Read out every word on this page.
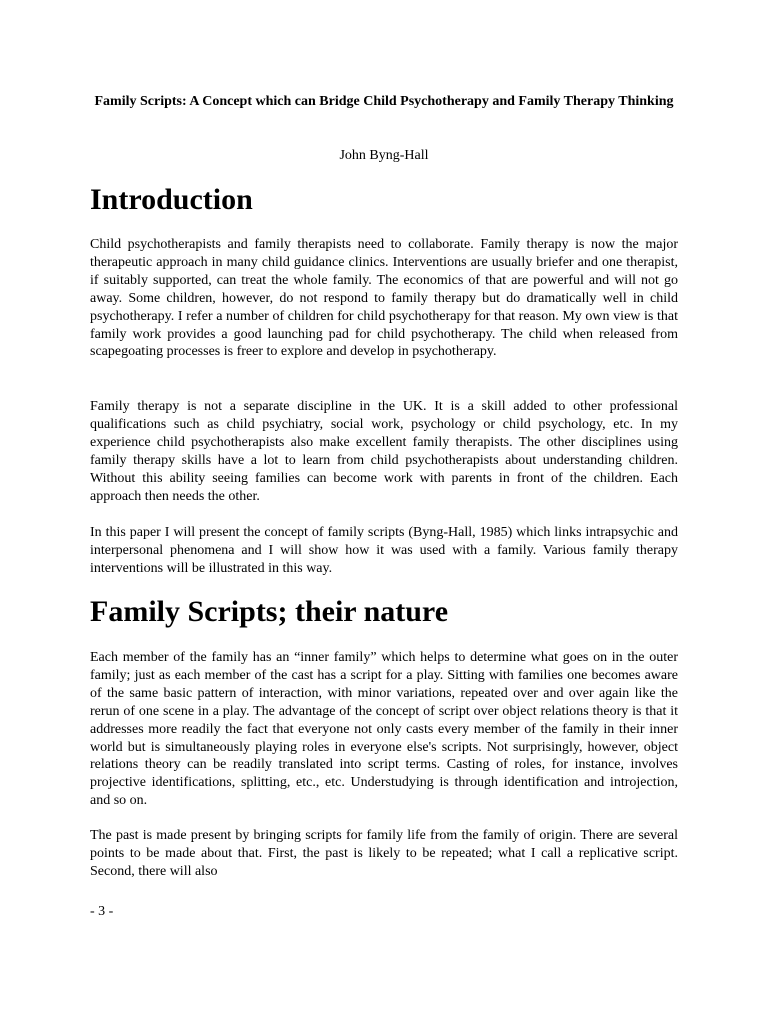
Family Scripts: A Concept which can Bridge Child Psychotherapy and Family Therapy Thinking

John Byng-Hall

Introduction

Child psychotherapists and family therapists need to collaborate. Family therapy is now the major therapeutic approach in many child guidance clinics. Interventions are usually briefer and one therapist, if suitably supported, can treat the whole family. The economics of that are powerful and will not go away. Some children, however, do not respond to family therapy but do dramatically well in child psychotherapy. I refer a number of children for child psychotherapy for that reason. My own view is that family work provides a good launching pad for child psychotherapy. The child when released from scapegoating processes is freer to explore and develop in psychotherapy.

Family therapy is not a separate discipline in the UK. It is a skill added to other professional qualifications such as child psychiatry, social work, psychology or child psychology, etc. In my experience child psychotherapists also make excellent family therapists. The other disciplines using family therapy skills have a lot to learn from child psychotherapists about understanding children. Without this ability seeing families can become work with parents in front of the children. Each approach then needs the other.

In this paper I will present the concept of family scripts (Byng-Hall, 1985) which links intrapsychic and interpersonal phenomena and I will show how it was used with a family. Various family therapy interventions will be illustrated in this way.

Family Scripts; their nature

Each member of the family has an “inner family” which helps to determine what goes on in the outer family; just as each member of the cast has a script for a play. Sitting with families one becomes aware of the same basic pattern of interaction, with minor variations, repeated over and over again like the rerun of one scene in a play. The advantage of the concept of script over object relations theory is that it addresses more readily the fact that everyone not only casts every member of the family in their inner world but is simultaneously playing roles in everyone else's scripts. Not surprisingly, however, object relations theory can be readily translated into script terms. Casting of roles, for instance, involves projective identifications, splitting, etc., etc. Understudying is through identification and introjection, and so on.

The past is made present by bringing scripts for family life from the family of origin. There are several points to be made about that. First, the past is likely to be repeated; what I call a replicative script. Second, there will also

- 3 -
